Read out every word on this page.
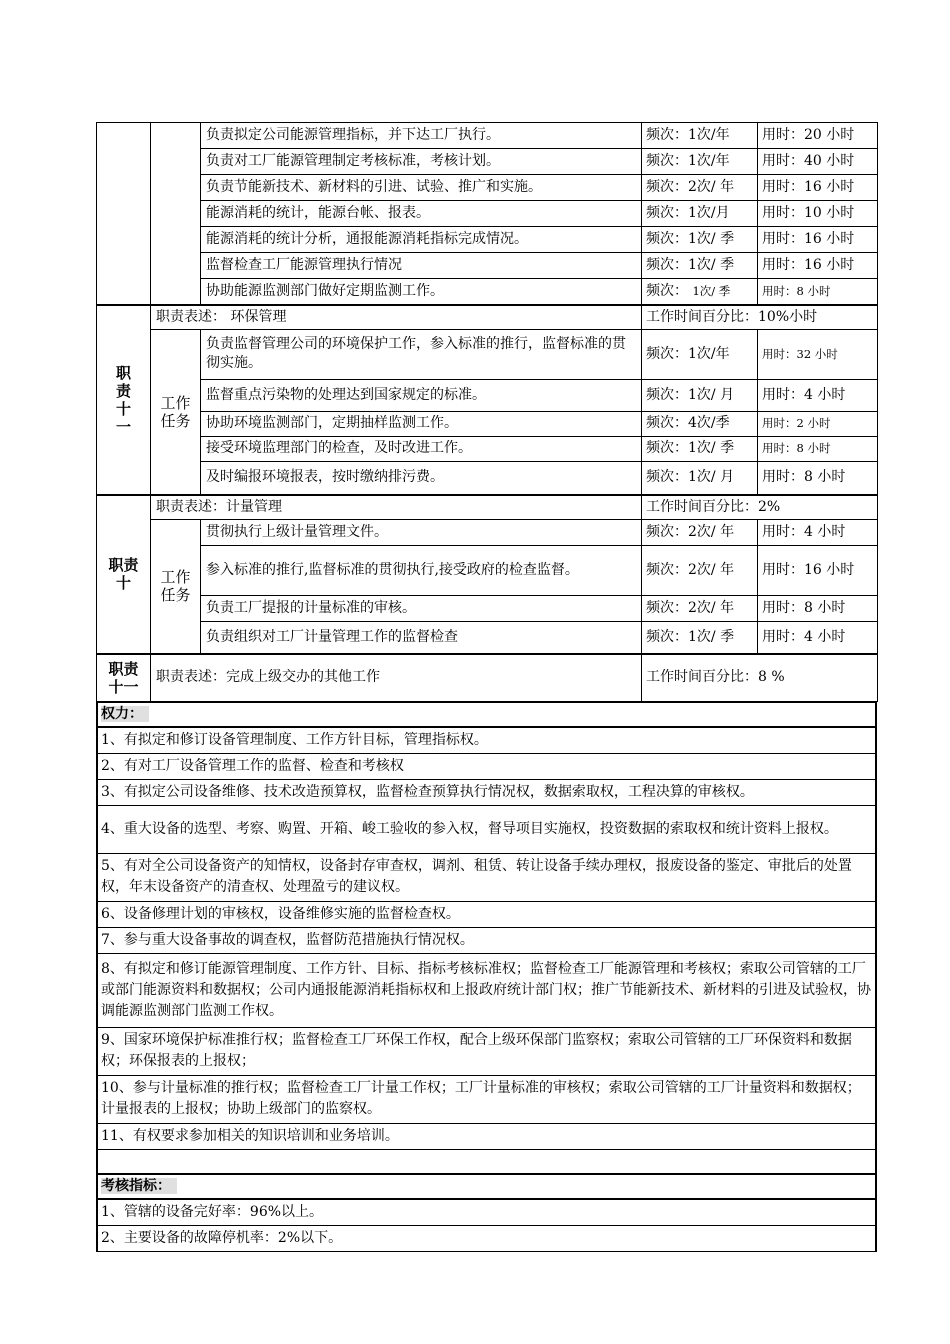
		负责拟定公司能源管理指标，并下达工厂执行。	频次：1次/年	用时：20 小时
		负责对工厂能源管理制定考核标准，考核计划。	频次：1次/年	用时：40 小时
		负责节能新技术、新材料的引进、试验、推广和实施。	频次：2次/ 年	用时：16 小时
		能源消耗的统计，能源台帐、报表。	频次：1次/月	用时：10 小时
		能源消耗的统计分析，通报能源消耗指标完成情况。	频次：1次/ 季	用时：16 小时
		监督检查工厂能源管理执行情况	频次：1次/ 季	用时：16 小时
		协助能源监测部门做好定期监测工作。	频次： 1次/ 季	用时：8 小时

职责十一	职责表述： 环保管理		工作时间百分比：10%小时	

	工作任务	负责监督管理公司的环境保护工作，参入标准的推行，监督标准的贯彻实施。	频次：1次/年	用时：32 小时
		监督重点污染物的处理达到国家规定的标准。	频次：1次/ 月	用时：4 小时
		协助环境监测部门，定期抽样监测工作。	频次：4次/季	用时：2 小时
		接受环境监理部门的检查，及时改进工作。	频次：1次/ 季	用时：8 小时
		及时编报环境报表，按时缴纳排污费。	频次：1次/ 月	用时：8 小时

职责十	职责表述：计量管理		工作时间百分比：2%	

	工作任务	贯彻执行上级计量管理文件。	频次：2次/ 年	用时：4 小时
		参入标准的推行,监督标准的贯彻执行,接受政府的检查监督。	频次：2次/ 年	用时：16 小时
		负责工厂提报的计量标准的审核。	频次：2次/ 年	用时：8 小时
		负责组织对工厂计量管理工作的监督检查	频次：1次/ 季	用时：4 小时

职责十一	职责表述：完成上级交办的其他工作		工作时间百分比：8 %	
权力：
1、有拟定和修订设备管理制度、工作方针目标，管理指标权。
2、有对工厂设备管理工作的监督、检查和考核权
3、有拟定公司设备维修、技术改造预算权，监督检查预算执行情况权，数据索取权，工程决算的审核权。
4、重大设备的选型、考察、购置、开箱、峻工验收的参入权，督导项目实施权，投资数据的索取权和统计资料上报权。
5、有对全公司设备资产的知情权，设备封存审查权，调剂、租赁、转让设备手续办理权，报废设备的鉴定、审批后的处置权，年末设备资产的清查权、处理盈亏的建议权。
6、设备修理计划的审核权，设备维修实施的监督检查权。
7、参与重大设备事故的调查权，监督防范措施执行情况权。
8、有拟定和修订能源管理制度、工作方针、目标、指标考核标准权；监督检查工厂能源管理和考核权；索取公司管辖的工厂或部门能源资料和数据权；公司内通报能源消耗指标权和上报政府统计部门权；推广节能新技术、新材料的引进及试验权，协调能源监测部门监测工作权。
9、国家环境保护标准推行权；监督检查工厂环保工作权，配合上级环保部门监察权；索取公司管辖的工厂环保资料和数据权；环保报表的上报权；
10、参与计量标准的推行权；监督检查工厂计量工作权；工厂计量标准的审核权；索取公司管辖的工厂计量资料和数据权；计量报表的上报权；协助上级部门的监察权。
11、有权要求参加相关的知识培训和业务培训。

考核指标：
1、管辖的设备完好率：96%以上。
2、主要设备的故障停机率：2%以下。
